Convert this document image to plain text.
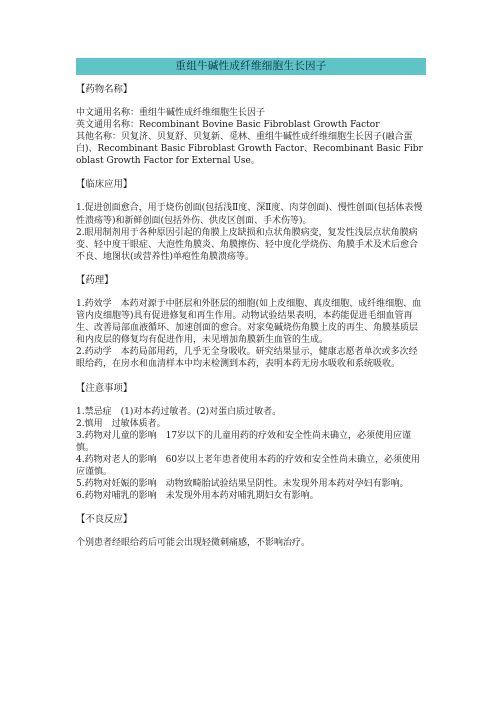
重组牛碱性成纤维细胞生长因子

【药物名称】

中文通用名称：重组牛碱性成纤维细胞生长因子

英文通用名称：Recombinant Bovine Basic Fibroblast Growth Factor

其他名称：贝复济、贝复舒、贝复新、觅林、重组牛碱性成纤维细胞生长因子(融合蛋白)、Recombinant Basic Fibroblast Growth Factor、Recombinant Basic Fibroblast Growth Factor for External Use。

【临床应用】

1.促进创面愈合，用于烧伤创面(包括浅Ⅱ度、深Ⅱ度、肉芽创面)、慢性创面(包括体表慢性溃疡等)和新鲜创面(包括外伤、供皮区创面、手术伤等)。

2.眼用制剂用于各种原因引起的角膜上皮缺损和点状角膜病变，复发性浅层点状角膜病变、轻中度干眼症、大泡性角膜炎、角膜擦伤、轻中度化学烧伤、角膜手术及术后愈合不良、地图状(或营养性)单疱性角膜溃疡等。

【药理】

1.药效学　本药对源于中胚层和外胚层的细胞(如上皮细胞、真皮细胞、成纤维细胞、血管内皮细胞等)具有促进修复和再生作用。动物试验结果表明，本药能促进毛细血管再生、改善局部血液循环、加速创面的愈合。对家兔碱烧伤角膜上皮的再生、角膜基质层和内皮层的修复均有促进作用，未见增加角膜新生血管的生成。

2.药动学　本药局部用药，几乎无全身吸收。研究结果显示，健康志愿者单次或多次经眼给药，在房水和血清样本中均未检测到本药，表明本药无房水吸收和系统吸收。

【注意事项】

1.禁忌症　(1)对本药过敏者。(2)对蛋白质过敏者。

2.慎用　过敏体质者。

3.药物对儿童的影响　17岁以下的儿童用药的疗效和安全性尚未确立，必须使用应谨慎。

4.药物对老人的影响　60岁以上老年患者使用本药的疗效和安全性尚未确立，必须使用应谨慎。

5.药物对妊娠的影响　动物致畸胎试验结果呈阴性。未发现外用本药对孕妇有影响。

6.药物对哺乳的影响　未发现外用本药对哺乳期妇女有影响。

【不良反应】

个别患者经眼给药后可能会出现轻微刺痛感，不影响治疗。
